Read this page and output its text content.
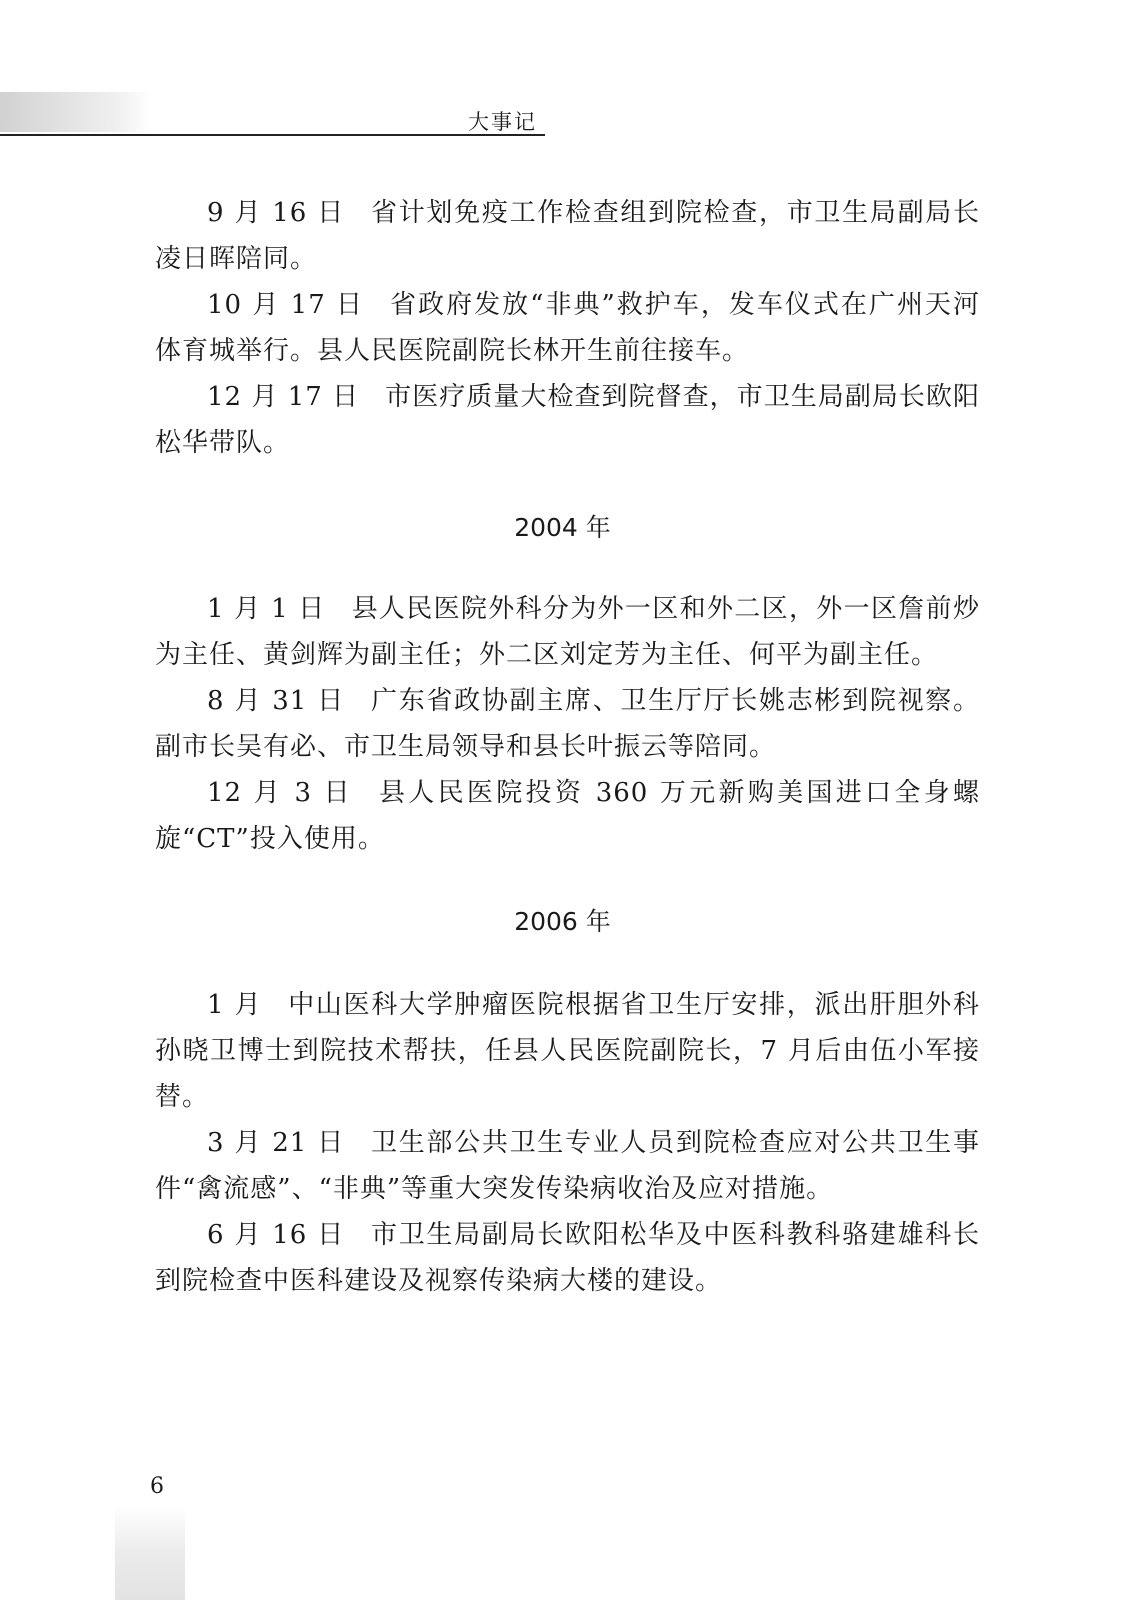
大事记

9 月 16 日 省计划免疫工作检查组到院检查，市卫生局副局长凌日晖陪同。

10 月 17 日 省政府发放“非典”救护车，发车仪式在广州天河体育城举行。县人民医院副院长林开生前往接车。

12 月 17 日 市医疗质量大检查到院督查，市卫生局副局长欧阳松华带队。

2004 年

1 月 1 日 县人民医院外科分为外一区和外二区，外一区詹前炒为主任、黄剑辉为副主任；外二区刘定芳为主任、何平为副主任。

8 月 31 日 广东省政协副主席、卫生厅厅长姚志彬到院视察。副市长吴有必、市卫生局领导和县长叶振云等陪同。

12 月 3 日 县人民医院投资 360 万元新购美国进口全身螺旋“CT”投入使用。

2006 年

1 月 中山医科大学肿瘤医院根据省卫生厅安排，派出肝胆外科孙晓卫博士到院技术帮扶，任县人民医院副院长，7 月后由伍小军接替。

3 月 21 日 卫生部公共卫生专业人员到院检查应对公共卫生事件“禽流感”、“非典”等重大突发传染病收治及应对措施。

6 月 16 日 市卫生局副局长欧阳松华及中医科教科骆建雄科长到院检查中医科建设及视察传染病大楼的建设。

6
